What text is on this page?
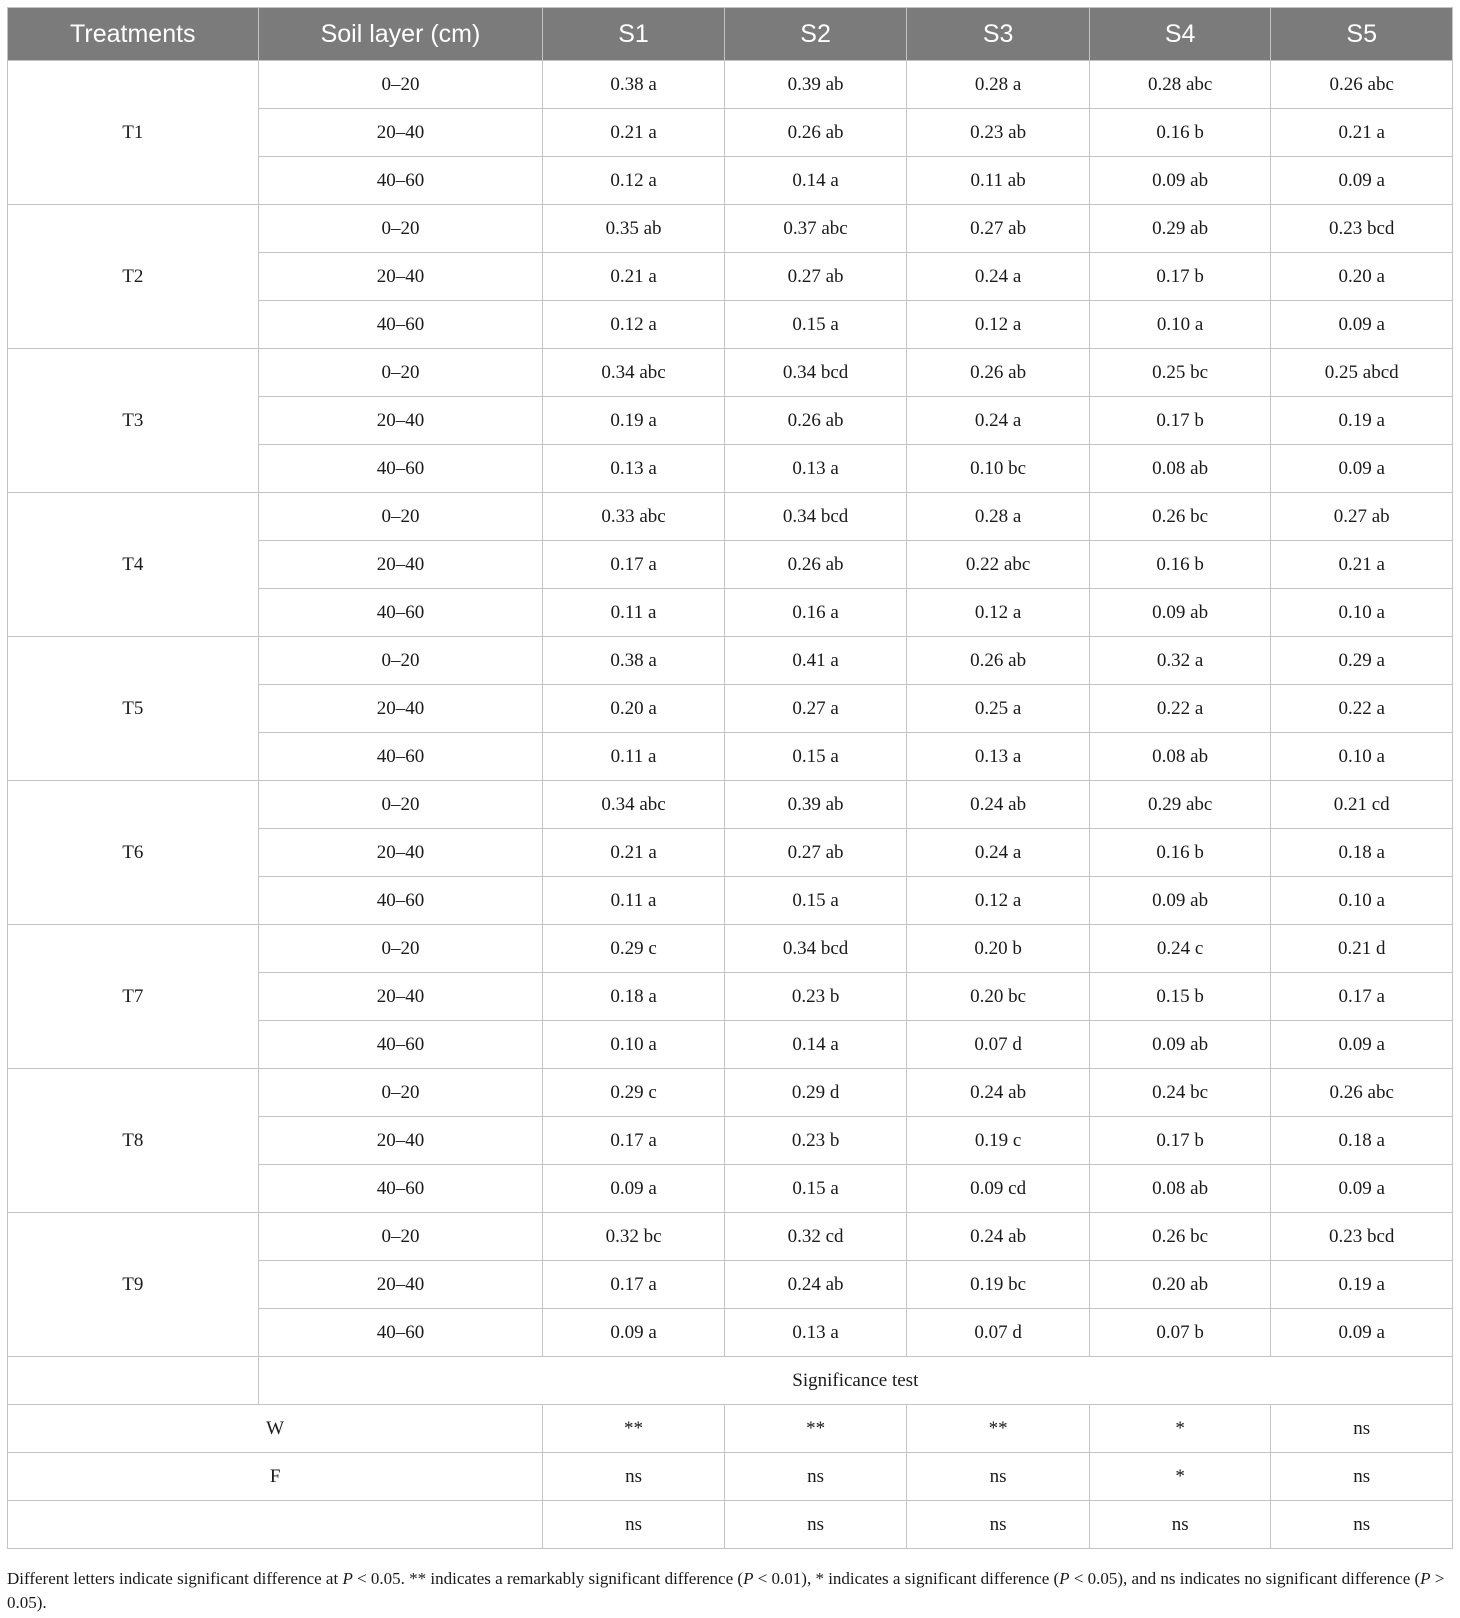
Treatments	Soil layer (cm)	S1	S2	S3	S4	S5
T1	0–20	0.38 a	0.39 ab	0.28 a	0.28 abc	0.26 abc
	20–40	0.21 a	0.26 ab	0.23 ab	0.16 b	0.21 a
	40–60	0.12 a	0.14 a	0.11 ab	0.09 ab	0.09 a
T2	0–20	0.35 ab	0.37 abc	0.27 ab	0.29 ab	0.23 bcd
	20–40	0.21 a	0.27 ab	0.24 a	0.17 b	0.20 a
	40–60	0.12 a	0.15 a	0.12 a	0.10 a	0.09 a
T3	0–20	0.34 abc	0.34 bcd	0.26 ab	0.25 bc	0.25 abcd
	20–40	0.19 a	0.26 ab	0.24 a	0.17 b	0.19 a
	40–60	0.13 a	0.13 a	0.10 bc	0.08 ab	0.09 a
T4	0–20	0.33 abc	0.34 bcd	0.28 a	0.26 bc	0.27 ab
	20–40	0.17 a	0.26 ab	0.22 abc	0.16 b	0.21 a
	40–60	0.11 a	0.16 a	0.12 a	0.09 ab	0.10 a
T5	0–20	0.38 a	0.41 a	0.26 ab	0.32 a	0.29 a
	20–40	0.20 a	0.27 a	0.25 a	0.22 a	0.22 a
	40–60	0.11 a	0.15 a	0.13 a	0.08 ab	0.10 a
T6	0–20	0.34 abc	0.39 ab	0.24 ab	0.29 abc	0.21 cd
	20–40	0.21 a	0.27 ab	0.24 a	0.16 b	0.18 a
	40–60	0.11 a	0.15 a	0.12 a	0.09 ab	0.10 a
T7	0–20	0.29 c	0.34 bcd	0.20 b	0.24 c	0.21 d
	20–40	0.18 a	0.23 b	0.20 bc	0.15 b	0.17 a
	40–60	0.10 a	0.14 a	0.07 d	0.09 ab	0.09 a
T8	0–20	0.29 c	0.29 d	0.24 ab	0.24 bc	0.26 abc
	20–40	0.17 a	0.23 b	0.19 c	0.17 b	0.18 a
	40–60	0.09 a	0.15 a	0.09 cd	0.08 ab	0.09 a
T9	0–20	0.32 bc	0.32 cd	0.24 ab	0.26 bc	0.23 bcd
	20–40	0.17 a	0.24 ab	0.19 bc	0.20 ab	0.19 a
	40–60	0.09 a	0.13 a	0.07 d	0.07 b	0.09 a
	Significance test					
W		**	**	**	*	ns
F		ns	ns	ns	*	ns
		ns	ns	ns	ns	ns
Different letters indicate significant difference at P < 0.05. ** indicates a remarkably significant difference (P < 0.01), * indicates a significant difference (P < 0.05), and ns indicates no significant difference (P > 0.05).
